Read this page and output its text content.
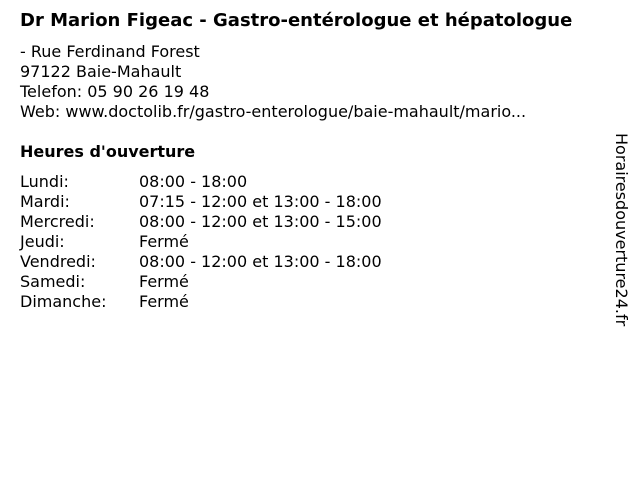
Dr Marion Figeac - Gastro-entérologue et hépatologue
- Rue Ferdinand Forest
97122 Baie-Mahault
Telefon: 05 90 26 19 48
Web: www.doctolib.fr/gastro-enterologue/baie-mahault/mario...
Heures d'ouverture
Lundi:	08:00 - 18:00
Mardi:	07:15 - 12:00 et 13:00 - 18:00
Mercredi:	08:00 - 12:00 et 13:00 - 15:00
Jeudi:	Fermé
Vendredi:	08:00 - 12:00 et 13:00 - 18:00
Samedi:	Fermé
Dimanche:	Fermé	Horairesdouverture24.fr
